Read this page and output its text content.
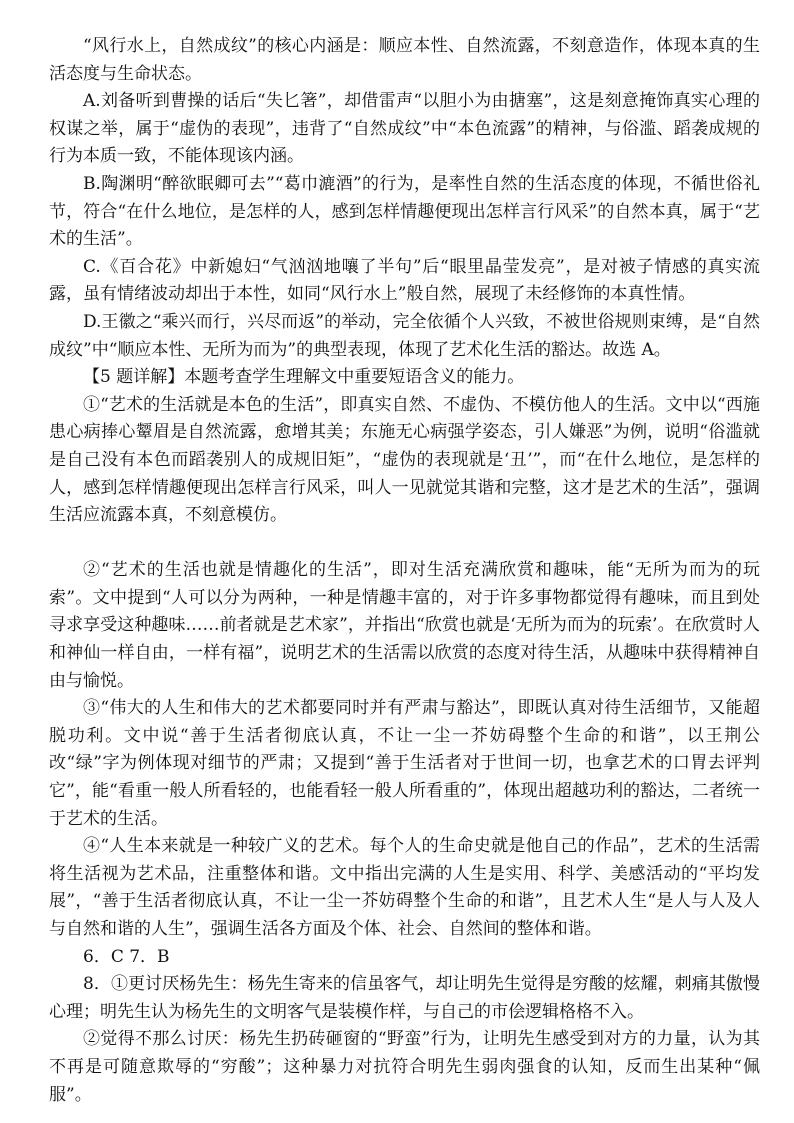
“风行水上，自然成纹”的核心内涵是：顺应本性、自然流露，不刻意造作，体现本真的生活态度与生命状态。

A.刘备听到曹操的话后“失匕箸”，却借雷声“以胆小为由搪塞”，这是刻意掩饰真实心理的权谋之举，属于“虚伪的表现”，违背了“自然成纹”中“本色流露”的精神，与俗滥、蹈袭成规的行为本质一致，不能体现该内涵。

B.陶渊明“醉欲眠卿可去”“葛巾漉酒”的行为，是率性自然的生活态度的体现，不循世俗礼节，符合“在什么地位，是怎样的人，感到怎样情趣便现出怎样言行风采”的自然本真，属于“艺术的生活”。

C.《百合花》中新媳妇“气汹汹地嚷了半句”后“眼里晶莹发亮”，是对被子情感的真实流露，虽有情绪波动却出于本性，如同“风行水上”般自然，展现了未经修饰的本真性情。

D.王徽之“乘兴而行，兴尽而返”的举动，完全依循个人兴致，不被世俗规则束缚，是“自然成纹”中“顺应本性、无所为而为”的典型表现，体现了艺术化生活的豁达。故选 A。

【5 题详解】本题考查学生理解文中重要短语含义的能力。

①“艺术的生活就是本色的生活”，即真实自然、不虚伪、不模仿他人的生活。文中以“西施患心病捧心颦眉是自然流露，愈增其美；东施无心病强学姿态，引人嫌恶”为例，说明“俗滥就是自己没有本色而蹈袭别人的成规旧矩”，“虚伪的表现就是‘丑’”，而“在什么地位，是怎样的人，感到怎样情趣便现出怎样言行风采，叫人一见就觉其谐和完整，这才是艺术的生活”，强调生活应流露本真，不刻意模仿。

②“艺术的生活也就是情趣化的生活”，即对生活充满欣赏和趣味，能“无所为而为的玩索”。文中提到“人可以分为两种，一种是情趣丰富的，对于许多事物都觉得有趣味，而且到处寻求享受这种趣味……前者就是艺术家”，并指出“欣赏也就是‘无所为而为的玩索’。在欣赏时人和神仙一样自由，一样有福”，说明艺术的生活需以欣赏的态度对待生活，从趣味中获得精神自由与愉悦。

③“伟大的人生和伟大的艺术都要同时并有严肃与豁达”，即既认真对待生活细节，又能超脱功利。文中说“善于生活者彻底认真，不让一尘一芥妨碍整个生命的和谐”，以王荆公改“绿”字为例体现对细节的严肃；又提到“善于生活者对于世间一切，也拿艺术的口胃去评判它”，能“看重一般人所看轻的，也能看轻一般人所看重的”，体现出超越功利的豁达，二者统一于艺术的生活。

④“人生本来就是一种较广义的艺术。每个人的生命史就是他自己的作品”，艺术的生活需将生活视为艺术品，注重整体和谐。文中指出完满的人生是实用、科学、美感活动的“平均发展”，“善于生活者彻底认真，不让一尘一芥妨碍整个生命的和谐”，且艺术人生“是人与人及人与自然和谐的人生”，强调生活各方面及个体、社会、自然间的整体和谐。

6．C 7．B

8．①更讨厌杨先生：杨先生寄来的信虽客气，却让明先生觉得是穷酸的炫耀，刺痛其傲慢心理；明先生认为杨先生的文明客气是装模作样，与自己的市侩逻辑格格不入。

②觉得不那么讨厌：杨先生扔砖砸窗的“野蛮”行为，让明先生感受到对方的力量，认为其不再是可随意欺辱的“穷酸”；这种暴力对抗符合明先生弱肉强食的认知，反而生出某种“佩服”。
